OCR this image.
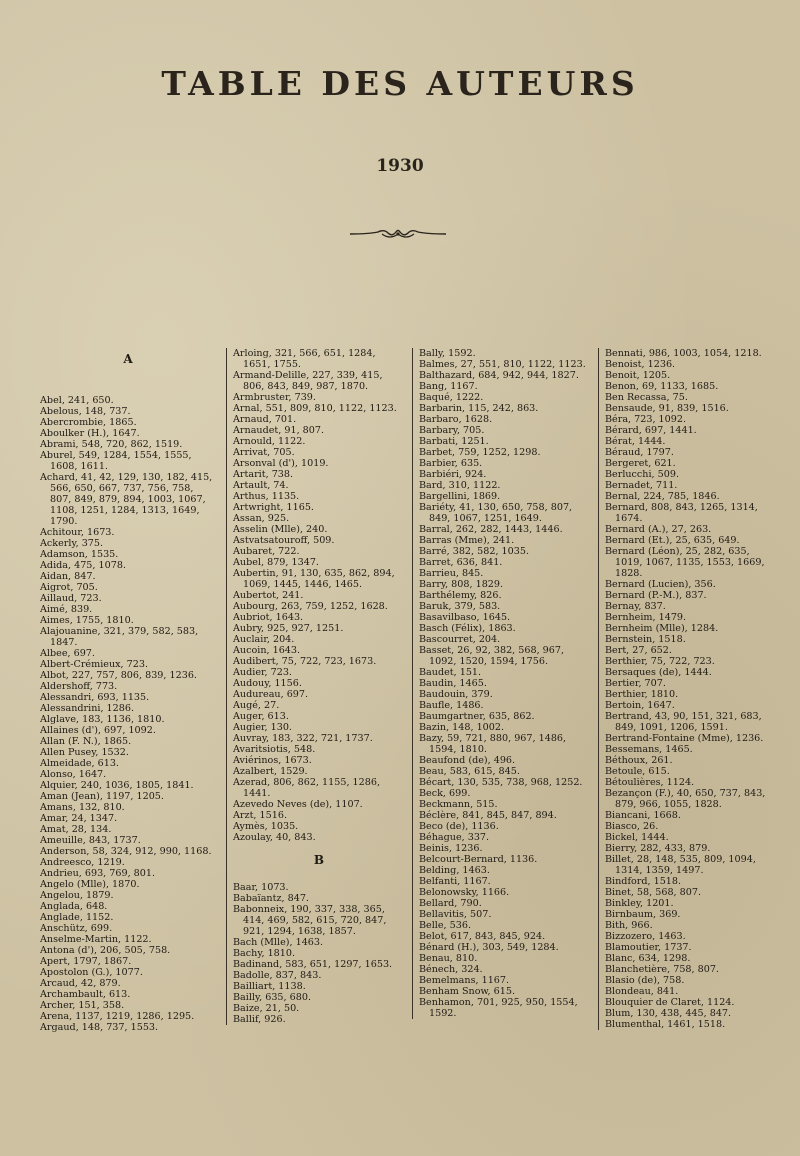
TABLE DES AUTEURS
1930
A

Abel, 241, 650.

Abelous, 148, 737.

Abercrombie, 1865.

Aboulker (H.), 1647.

Abrami, 548, 720, 862, 1519.

Aburel, 549, 1284, 1554, 1555, 1608, 1611.

Achard, 41, 42, 129, 130, 182, 415, 566, 650, 667, 737, 756, 758, 807, 849, 879, 894, 1003, 1067, 1108, 1251, 1284, 1313, 1649, 1790.

Achitour, 1673.

Ackerly, 375.

Adamson, 1535.

Adida, 475, 1078.

Aidan, 847.

Aigrot, 705.

Aillaud, 723.

Aimé, 839.

Aimes, 1755, 1810.

Alajouanine, 321, 379, 582, 583, 1847.

Albee, 697.

Albert-Crémieux, 723.

Albot, 227, 757, 806, 839, 1236.

Aldershoff, 773.

Alessandri, 693, 1135.

Alessandrini, 1286.

Alglave, 183, 1136, 1810.

Allaines (d'), 697, 1092.

Allan (F. N.), 1865.

Allen Pusey, 1532.

Almeidade, 613.

Alonso, 1647.

Alquier, 240, 1036, 1805, 1841.

Aman (Jean), 1197, 1205.

Amans, 132, 810.

Amar, 24, 1347.

Amat, 28, 134.

Ameuille, 843, 1737.

Anderson, 58, 324, 912, 990, 1168.

Andreesco, 1219.

Andrieu, 693, 769, 801.

Angelo (Mlle), 1870.

Angelou, 1879.

Anglada, 648.

Anglade, 1152.

Anschütz, 699.

Anselme-Martin, 1122.

Antona (d'), 206, 505, 758.

Apert, 1797, 1867.

Apostolon (G.), 1077.

Arcaud, 42, 879.

Archambault, 613.

Archer, 151, 358.

Arena, 1137, 1219, 1286, 1295.

Argaud, 148, 737, 1553.

Arloing, 321, 566, 651, 1284, 1651, 1755.

Armand-Delille, 227, 339, 415, 806, 843, 849, 987, 1870.

Armbruster, 739.

Arnal, 551, 809, 810, 1122, 1123.

Arnaud, 701.

Arnaudet, 91, 807.

Arnould, 1122.

Arrivat, 705.

Arsonval (d'), 1019.

Artarit, 738.

Artault, 74.

Arthus, 1135.

Artwright, 1165.

Assan, 925.

Asselin (Mlle), 240.

Astvatsatouroff, 509.

Aubaret, 722.

Aubel, 879, 1347.

Aubertin, 91, 130, 635, 862, 894, 1069, 1445, 1446, 1465.

Aubertot, 241.

Aubourg, 263, 759, 1252, 1628.

Aubriot, 1643.

Aubry, 925, 927, 1251.

Auclair, 204.

Aucoin, 1643.

Audibert, 75, 722, 723, 1673.

Audier, 723.

Audouy, 1156.

Audureau, 697.

Augé, 27.

Auger, 613.

Augier, 130.

Auvray, 183, 322, 721, 1737.

Avaritsiotis, 548.

Aviérinos, 1673.

Azalbert, 1529.

Azerad, 806, 862, 1155, 1286, 1441.

Azevedo Neves (de), 1107.

Arzt, 1516.

Aymès, 1035.

Azoulay, 40, 843.

B

Baar, 1073.

Babaïantz, 847.

Babonneix, 190, 337, 338, 365, 414, 469, 582, 615, 720, 847, 921, 1294, 1638, 1857.

Bach (Mlle), 1463.

Bachy, 1810.

Badinand, 583, 651, 1297, 1653.

Badolle, 837, 843.

Bailliart, 1138.

Bailly, 635, 680.

Baize, 21, 50.

Ballif, 926.

Bally, 1592.

Balmes, 27, 551, 810, 1122, 1123.

Balthazard, 684, 942, 944, 1827.

Bang, 1167.

Baqué, 1222.

Barbarin, 115, 242, 863.

Barbaro, 1628.

Barbary, 705.

Barbati, 1251.

Barbet, 759, 1252, 1298.

Barbier, 635.

Barbiéri, 924.

Bard, 310, 1122.

Bargellini, 1869.

Bariéty, 41, 130, 650, 758, 807, 849, 1067, 1251, 1649.

Barral, 262, 282, 1443, 1446.

Barras (Mme), 241.

Barré, 382, 582, 1035.

Barret, 636, 841.

Barrieu, 845.

Barry, 808, 1829.

Barthélemy, 826.

Baruk, 379, 583.

Basavilbaso, 1645.

Basch (Félix), 1863.

Bascourret, 204.

Basset, 26, 92, 382, 568, 967, 1092, 1520, 1594, 1756.

Baudet, 151.

Baudin, 1465.

Baudouin, 379.

Baufle, 1486.

Baumgartner, 635, 862.

Bazin, 148, 1002.

Bazy, 59, 721, 880, 967, 1486, 1594, 1810.

Beaufond (de), 496.

Beau, 583, 615, 845.

Bécart, 130, 535, 738, 968, 1252.

Beck, 699.

Beckmann, 515.

Béclère, 841, 845, 847, 894.

Beco (de), 1136.

Béhague, 337.

Beinis, 1236.

Belcourt-Bernard, 1136.

Belding, 1463.

Belfanti, 1167.

Belonowsky, 1166.

Bellard, 790.

Bellavitis, 507.

Belle, 536.

Belot, 617, 843, 845, 924.

Bénard (H.), 303, 549, 1284.

Benau, 810.

Bénech, 324.

Bemelmans, 1167.

Benham Snow, 615.

Benhamon, 701, 925, 950, 1554, 1592.

Bennati, 986, 1003, 1054, 1218.

Benoist, 1236.

Benoit, 1205.

Benon, 69, 1133, 1685.

Ben Recassa, 75.

Bensaude, 91, 839, 1516.

Béra, 723, 1092.

Bérard, 697, 1441.

Bérat, 1444.

Béraud, 1797.

Bergeret, 621.

Berlucchi, 509.

Bernadet, 711.

Bernal, 224, 785, 1846.

Bernard, 808, 843, 1265, 1314, 1674.

Bernard (A.), 27, 263.

Bernard (Et.), 25, 635, 649.

Bernard (Léon), 25, 282, 635, 1019, 1067, 1135, 1553, 1669, 1828.

Bernard (Lucien), 356.

Bernard (P.-M.), 837.

Bernay, 837.

Bernheim, 1479.

Bernheim (Mlle), 1284.

Bernstein, 1518.

Bert, 27, 652.

Berthier, 75, 722, 723.

Bersaques (de), 1444.

Bertier, 707.

Berthier, 1810.

Bertoin, 1647.

Bertrand, 43, 90, 151, 321, 683, 849, 1091, 1206, 1591.

Bertrand-Fontaine (Mme), 1236.

Bessemans, 1465.

Béthoux, 261.

Betoule, 615.

Bétoulières, 1124.

Bezançon (F.), 40, 650, 737, 843, 879, 966, 1055, 1828.

Biancani, 1668.

Biasco, 26.

Bickel, 1444.

Bierry, 282, 433, 879.

Billet, 28, 148, 535, 809, 1094, 1314, 1359, 1497.

Bindford, 1518.

Binet, 58, 568, 807.

Binkley, 1201.

Birnbaum, 369.

Bith, 966.

Bizzozero, 1463.

Blamoutier, 1737.

Blanc, 634, 1298.

Blanchetière, 758, 807.

Blasio (de), 758.

Blondeau, 841.

Blouquier de Claret, 1124.

Blum, 130, 438, 445, 847.

Blumenthal, 1461, 1518.
